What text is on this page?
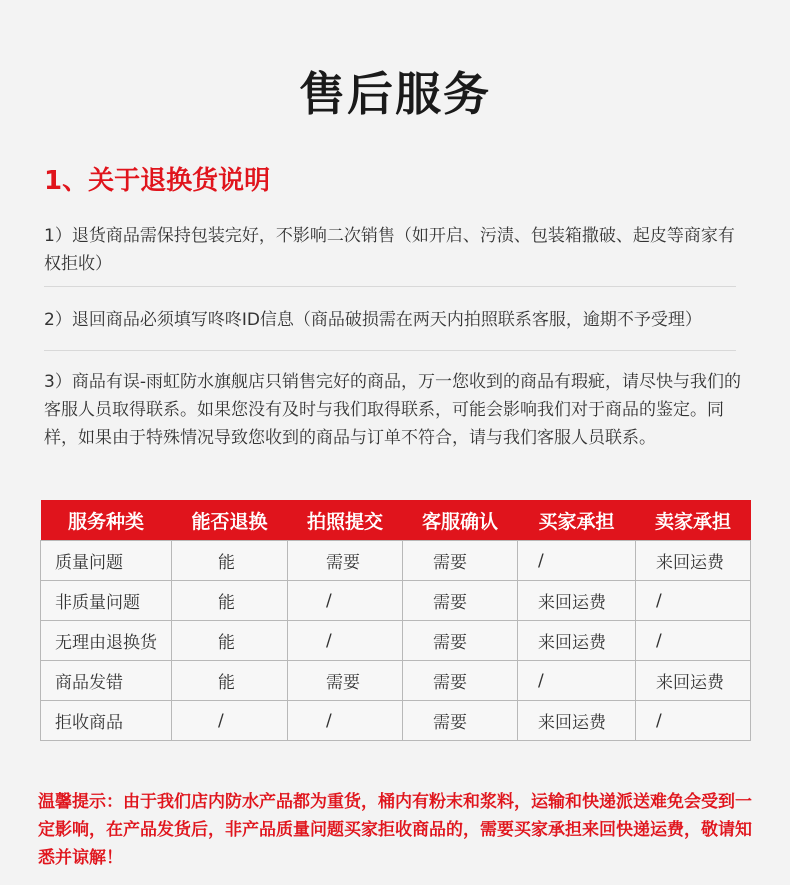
售后服务
1、关于退换货说明
1）退货商品需保持包装完好，不影响二次销售（如开启、污渍、包装箱撒破、起皮等商家有权拒收）
2）退回商品必须填写咚咚ID信息（商品破损需在两天内拍照联系客服，逾期不予受理）
3）商品有误-雨虹防水旗舰店只销售完好的商品，万一您收到的商品有瑕疵，请尽快与我们的客服人员取得联系。如果您没有及时与我们取得联系，可能会影响我们对于商品的鉴定。同样，如果由于特殊情况导致您收到的商品与订单不符合，请与我们客服人员联系。
服务种类	能否退换	拍照提交	客服确认	买家承担	卖家承担
质量问题	能	需要	需要	/	来回运费
非质量问题	能	/	需要	来回运费	/
无理由退换货	能	/	需要	来回运费	/
商品发错	能	需要	需要	/	来回运费
拒收商品	/	/	需要	来回运费	/
温馨提示：由于我们店内防水产品都为重货，桶内有粉末和浆料，运输和快递派送难免会受到一定影响，在产品发货后，非产品质量问题买家拒收商品的，需要买家承担来回快递运费，敬请知悉并谅解！
